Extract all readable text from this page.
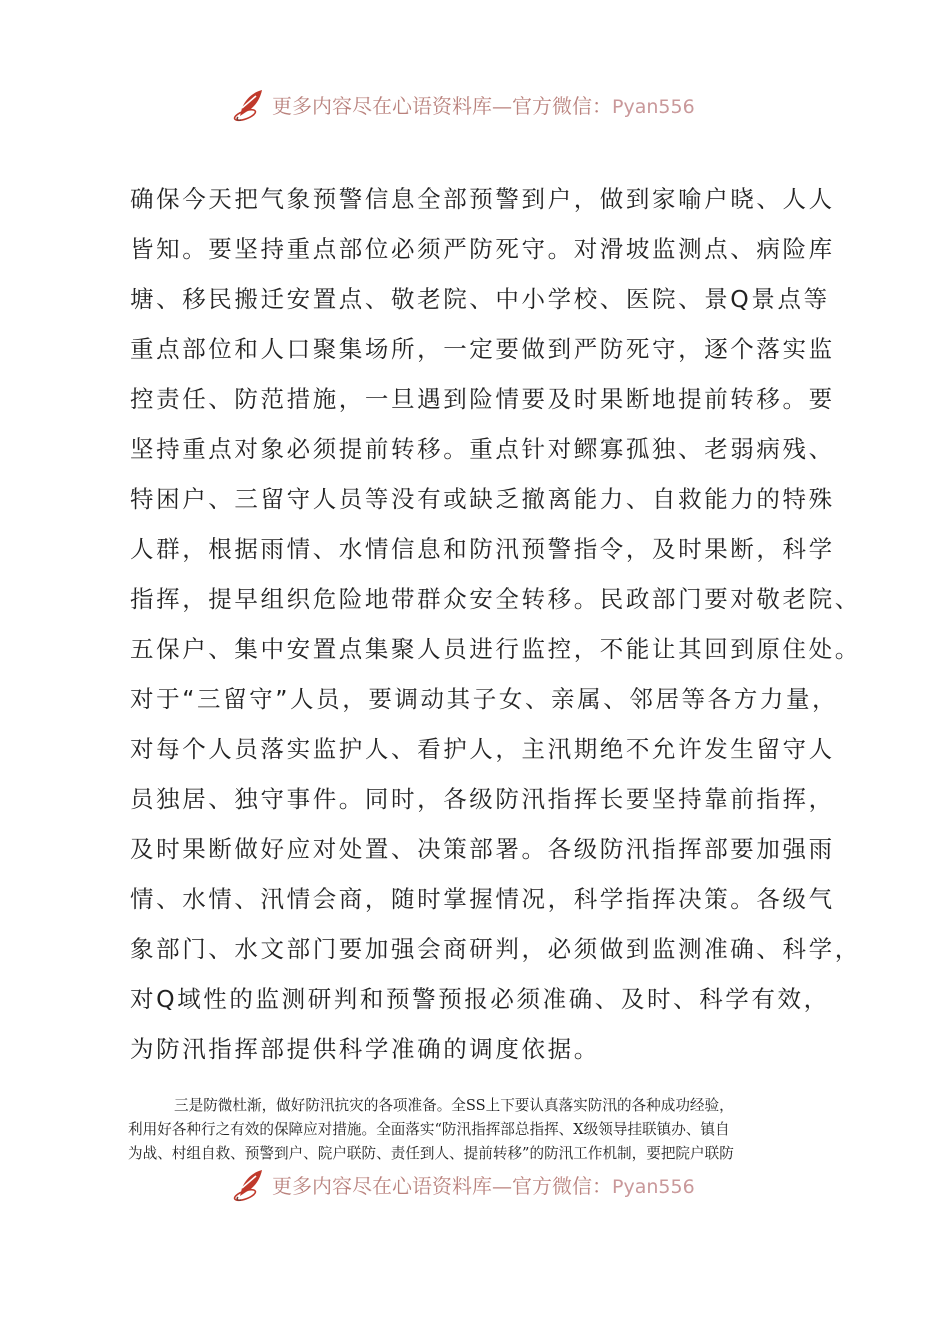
更多内容尽在心语资料库—官方微信：Pyan556
确保今天把气象预警信息全部预警到户，做到家喻户晓、人人
皆知。要坚持重点部位必须严防死守。对滑坡监测点、病险库
塘、移民搬迁安置点、敬老院、中小学校、医院、景Q景点等
重点部位和人口聚集场所，一定要做到严防死守，逐个落实监
控责任、防范措施，一旦遇到险情要及时果断地提前转移。要
坚持重点对象必须提前转移。重点针对鳏寡孤独、老弱病残、
特困户、三留守人员等没有或缺乏撤离能力、自救能力的特殊
人群，根据雨情、水情信息和防汛预警指令，及时果断，科学
指挥，提早组织危险地带群众安全转移。民政部门要对敬老院、
五保户、集中安置点集聚人员进行监控，不能让其回到原住处。
对于“三留守”人员，要调动其子女、亲属、邻居等各方力量，
对每个人员落实监护人、看护人，主汛期绝不允许发生留守人
员独居、独守事件。同时，各级防汛指挥长要坚持靠前指挥，
及时果断做好应对处置、决策部署。各级防汛指挥部要加强雨
情、水情、汛情会商，随时掌握情况，科学指挥决策。各级气
象部门、水文部门要加强会商研判，必须做到监测准确、科学，
对Q域性的监测研判和预警预报必须准确、及时、科学有效，
为防汛指挥部提供科学准确的调度依据。
三是防微杜渐，做好防汛抗灾的各项准备。全SS上下要认真落实防汛的各种成功经验，
利用好各种行之有效的保障应对措施。全面落实“防汛指挥部总指挥、X级领导挂联镇办、镇自
为战、村组自救、预警到户、院户联防、责任到人、提前转移”的防汛工作机制，要把院户联防
更多内容尽在心语资料库—官方微信：Pyan556
